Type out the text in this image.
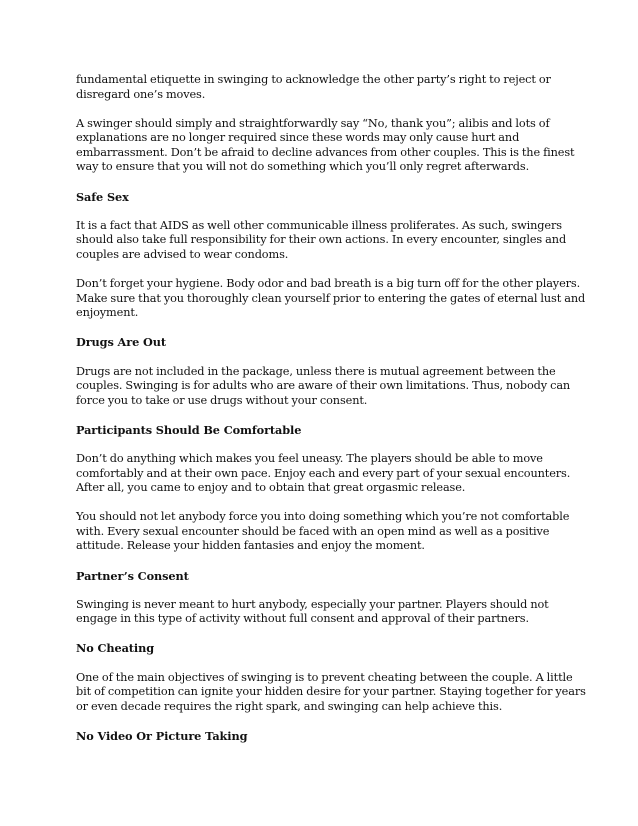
fundamental etiquette in swinging to acknowledge the other party’s right to reject or
disregard one’s moves.

A swinger should simply and straightforwardly say “No, thank you”; alibis and lots of
explanations are no longer required since these words may only cause hurt and
embarrassment. Don’t be afraid to decline advances from other couples. This is the finest
way to ensure that you will not do something which you’ll only regret afterwards.

Safe Sex

It is a fact that AIDS as well other communicable illness proliferates. As such, swingers
should also take full responsibility for their own actions. In every encounter, singles and
couples are advised to wear condoms.

Don’t forget your hygiene. Body odor and bad breath is a big turn off for the other players.
Make sure that you thoroughly clean yourself prior to entering the gates of eternal lust and
enjoyment.

Drugs Are Out

Drugs are not included in the package, unless there is mutual agreement between the
couples. Swinging is for adults who are aware of their own limitations. Thus, nobody can
force you to take or use drugs without your consent.

Participants Should Be Comfortable

Don’t do anything which makes you feel uneasy. The players should be able to move
comfortably and at their own pace. Enjoy each and every part of your sexual encounters.
After all, you came to enjoy and to obtain that great orgasmic release.

You should not let anybody force you into doing something which you’re not comfortable
with. Every sexual encounter should be faced with an open mind as well as a positive
attitude. Release your hidden fantasies and enjoy the moment.

Partner’s Consent

Swinging is never meant to hurt anybody, especially your partner. Players should not
engage in this type of activity without full consent and approval of their partners.

No Cheating

One of the main objectives of swinging is to prevent cheating between the couple. A little
bit of competition can ignite your hidden desire for your partner. Staying together for years
or even decade requires the right spark, and swinging can help achieve this.

No Video Or Picture Taking
